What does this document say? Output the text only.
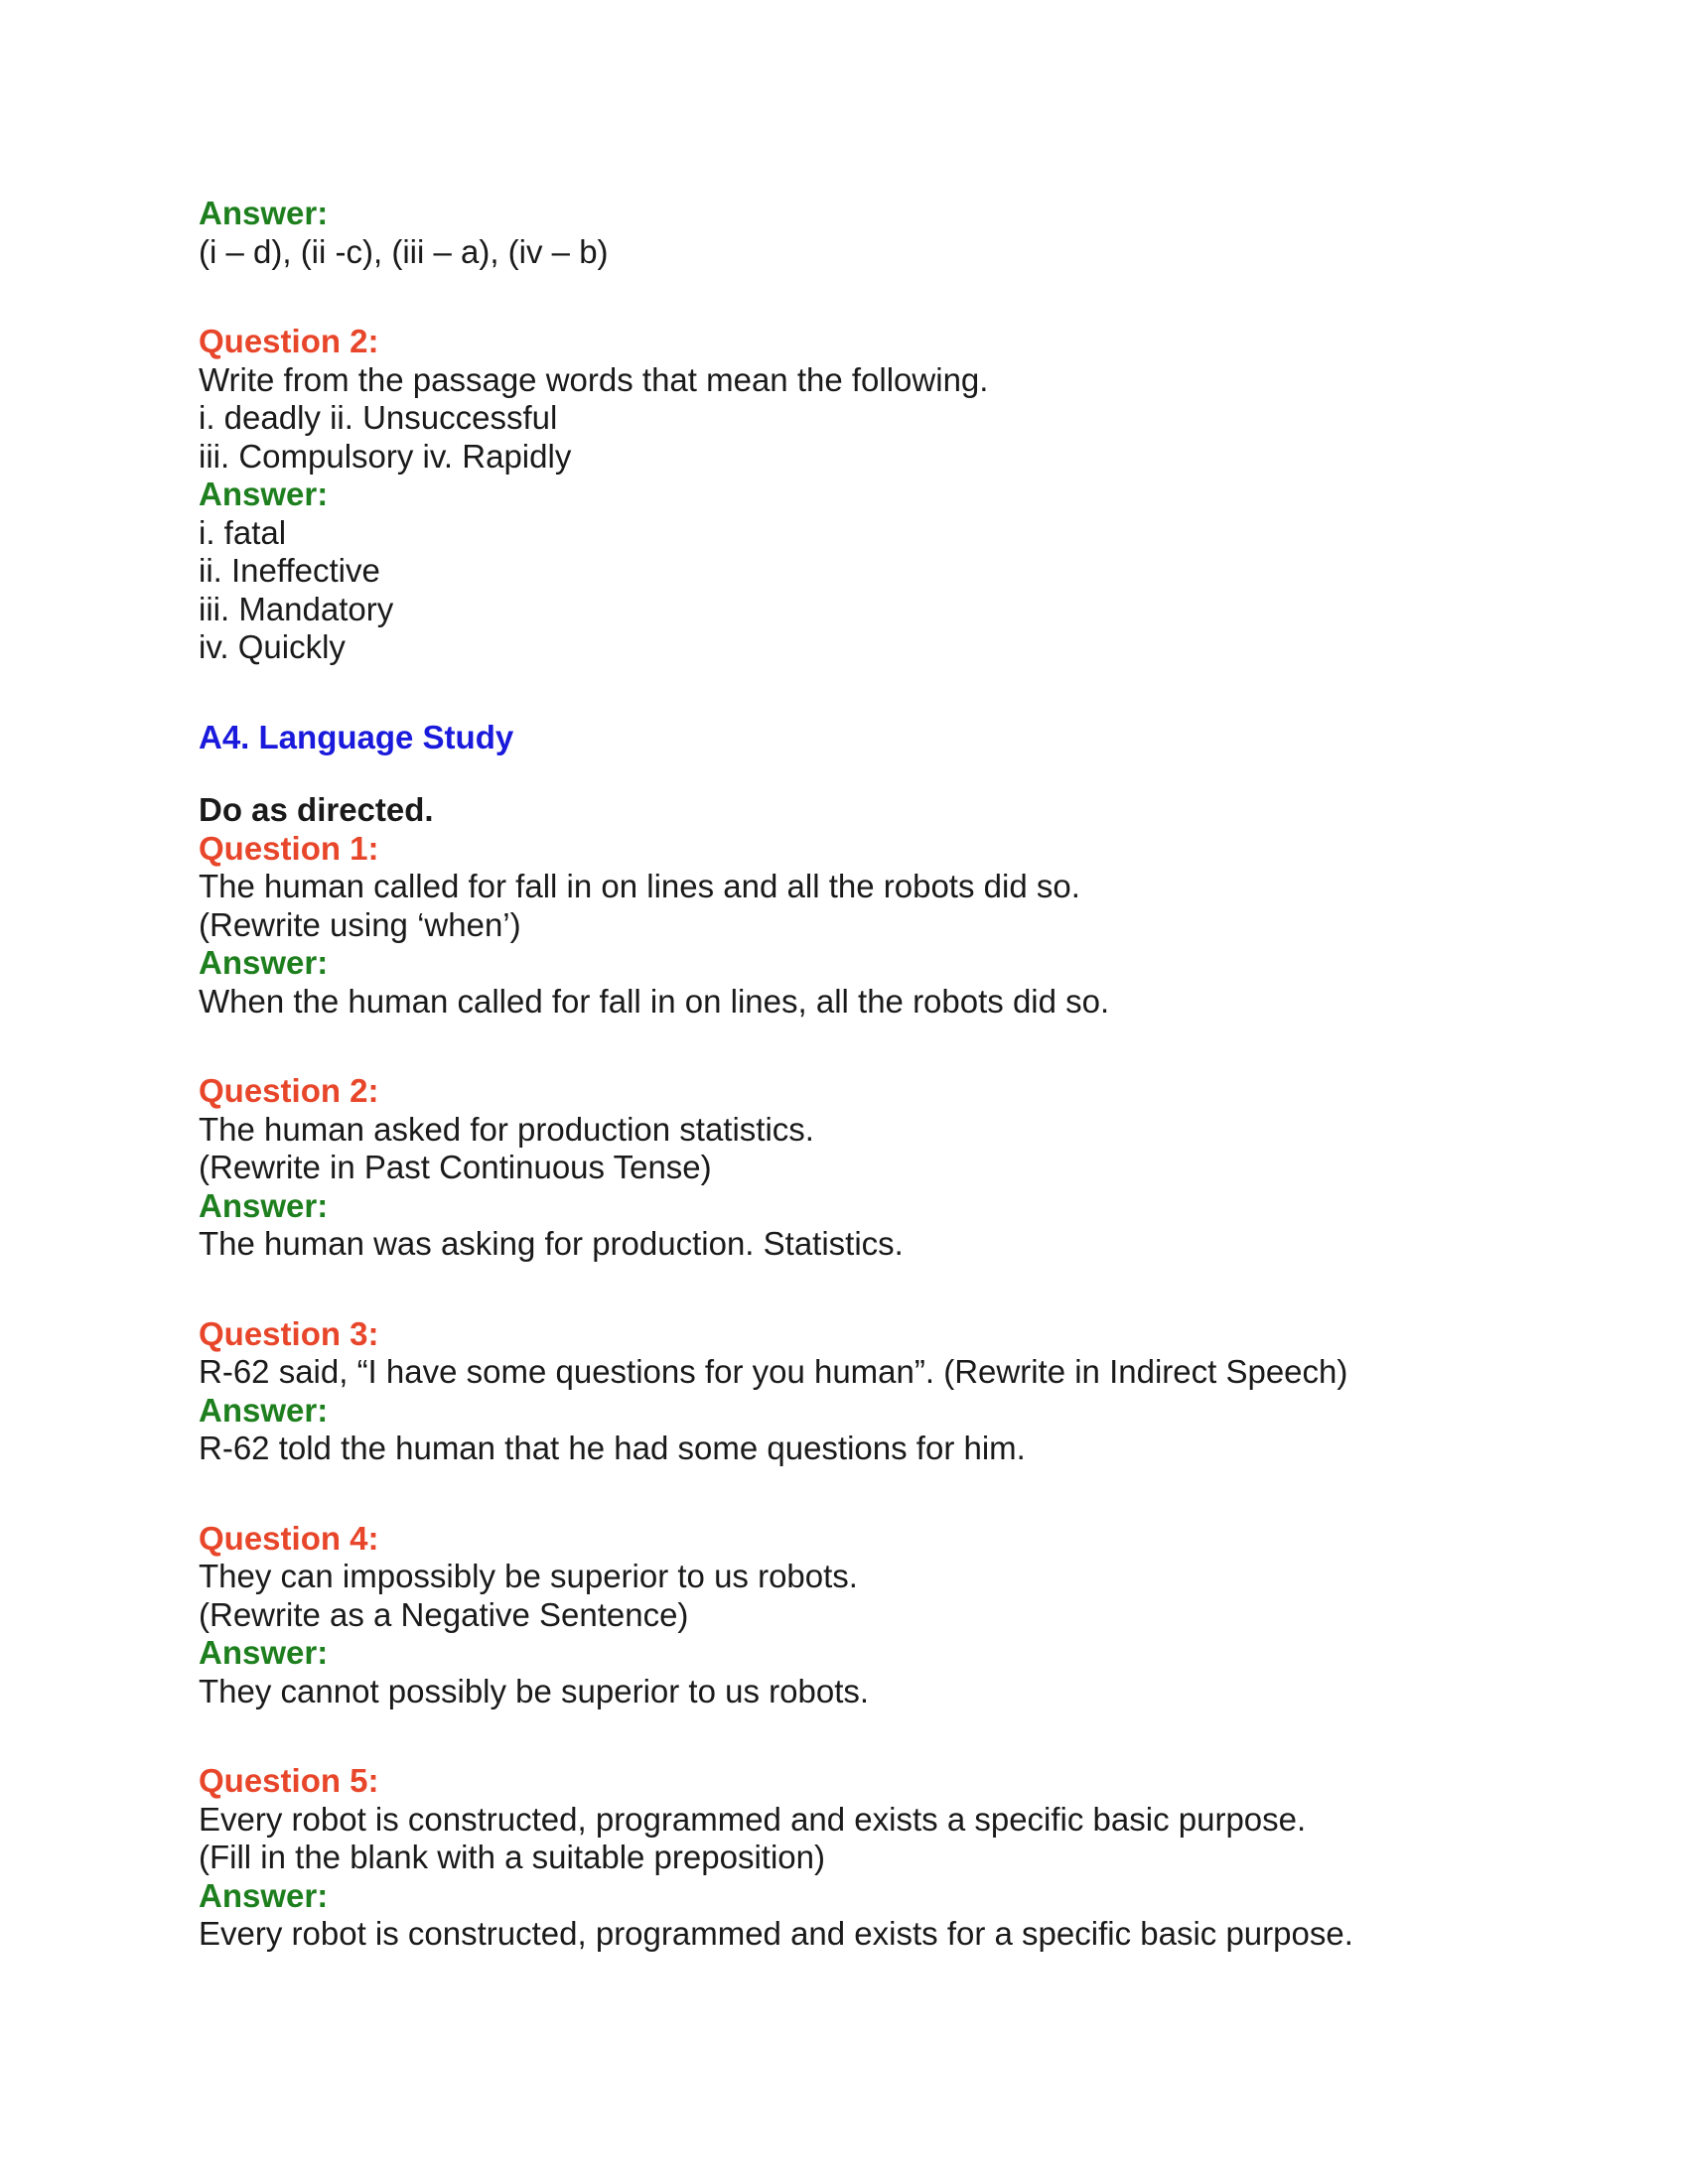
Answer:

(i – d), (ii -c), (iii – a), (iv – b)

Question 2:

Write from the passage words that mean the following.

i. deadly ii. Unsuccessful

iii. Compulsory iv. Rapidly

Answer:

i. fatal

ii. Ineffective

iii. Mandatory

iv. Quickly

A4. Language Study

Do as directed.

Question 1:

The human called for fall in on lines and all the robots did so.

(Rewrite using ‘when’)

Answer:

When the human called for fall in on lines, all the robots did so.

Question 2:

The human asked for production statistics.

(Rewrite in Past Continuous Tense)

Answer:

The human was asking for production. Statistics.

Question 3:

R-62 said, “I have some questions for you human”. (Rewrite in Indirect Speech)

Answer:

R-62 told the human that he had some questions for him.

Question 4:

They can impossibly be superior to us robots.

(Rewrite as a Negative Sentence)

Answer:

They cannot possibly be superior to us robots.

Question 5:

Every robot is constructed, programmed and exists a specific basic purpose.

(Fill in the blank with a suitable preposition)

Answer:

Every robot is constructed, programmed and exists for a specific basic purpose.
